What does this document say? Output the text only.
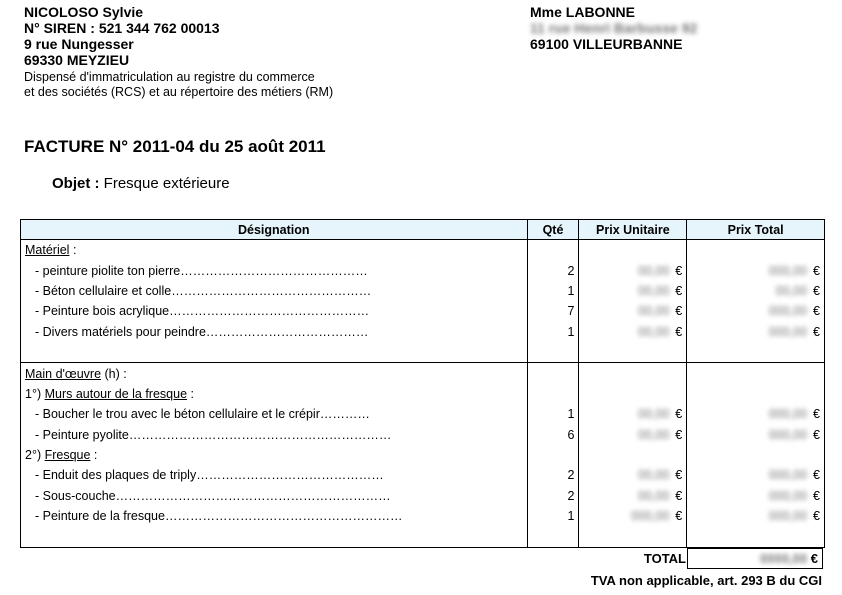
NICOLOSO Sylvie
N° SIREN : 521 344 762 00013
9 rue Nungesser
69330 MEYZIEU
Mme LABONNE
11 rue Henri Barbusse 92
69100 VILLEURBANNE
Dispensé d'immatriculation au registre du commerce
et des sociétés (RCS) et au répertoire des métiers (RM)
FACTURE N° 2011-04 du 25 août 2011
Objet : Fresque extérieure
Désignation	Qté	Prix Unitaire	Prix Total
Matériel :			
- peinture piolite ton pierre………………………………………	2	00,00 €	000,00 €
- Béton cellulaire et colle…………………………………………	1	00,00 €	00,00 €
- Peinture bois acrylique…………………………………………	7	00,00 €	000,00 €
- Divers matériels pour peindre…………………………………	1	00,00 €	000,00 €

Main d'œuvre (h) :			
1°) Murs autour de la fresque :			
- Boucher le trou avec le béton cellulaire et le crépir…………	1	00,00 €	000,00 €
- Peinture pyolite………………………………………………………	6	00,00 €	000,00 €
2°) Fresque :			
- Enduit des plaques de triply………………………………………	2	00,00 €	000,00 €
- Sous-couche…………………………………………………………	2	00,00 €	000,00 €
- Peinture de la fresque…………………………………………………	1	000,00 €	000,00 €

TOTAL	0000,00 €
TVA non applicable, art. 293 B du CGI
